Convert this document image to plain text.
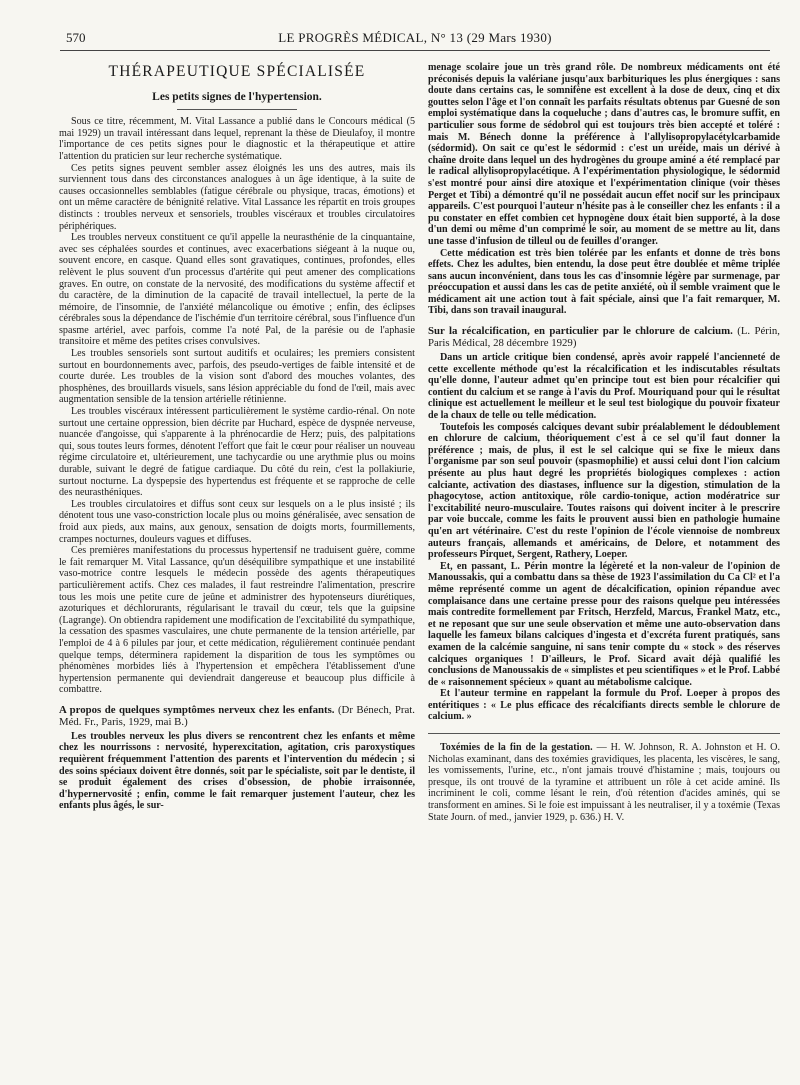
570	LE PROGRÈS MÉDICAL, N° 13 (29 Mars 1930)
THÉRAPEUTIQUE SPÉCIALISÉE
Les petits signes de l'hypertension.

Sous ce titre, récemment, M. Vital Lassance a publié dans le Concours médical (5 mai 1929) un travail intéressant dans lequel, reprenant la thèse de Dieulafoy, il montre l'importance de ces petits signes pour le diagnostic et la thérapeutique et attire l'attention du praticien sur leur recherche systématique.

Ces petits signes peuvent sembler assez éloignés les uns des autres, mais ils surviennent tous dans des circonstances analogues à un âge identique, à la suite de causes occasionnelles semblables (fatigue cérébrale ou physique, tracas, émotions) et ont un même caractère de bénignité relative. Vital Lassance les répartit en trois groupes distincts : troubles nerveux et sensoriels, troubles viscéraux et troubles circulatoires périphériques.

Les troubles nerveux constituent ce qu'il appelle la neurasthénie de la cinquantaine, avec ses céphalées sourdes et continues, avec exacerbations siégeant à la nuque ou, souvent encore, en casque. Quand elles sont gravatiques, continues, profondes, elles relèvent le plus souvent d'un processus d'artérite qui peut amener des complications graves. En outre, on constate de la nervosité, des modifications du système affectif et du caractère, de la diminution de la capacité de travail intellectuel, la perte de la mémoire, de l'insomnie, de l'anxiété mélancolique ou émotive ; enfin, des éclipses cérébrales sous la dépendance de l'ischémie d'un territoire cérébral, sous l'influence d'un spasme artériel, avec parfois, comme l'a noté Pal, de la parésie ou de l'aphasie transitoire et même des petites crises convulsives.

Les troubles sensoriels sont surtout auditifs et oculaires; les premiers consistent surtout en bourdonnements avec, parfois, des pseudo-vertiges de faible intensité et de courte durée. Les troubles de la vision sont d'abord des mouches volantes, des phosphènes, des brouillards visuels, sans lésion appréciable du fond de l'œil, mais avec augmentation sensible de la tension artérielle rétinienne.

Les troubles viscéraux intéressent particulièrement le système cardio-rénal. On note surtout une certaine oppression, bien décrite par Huchard, espèce de dyspnée nerveuse, nuancée d'angoisse, qui s'apparente à la phrénocardie de Herz; puis, des palpitations qui, sous toutes leurs formes, dénotent l'effort que fait le cœur pour réaliser un nouveau régime circulatoire et, ultérieurement, une tachycardie ou une arythmie plus ou moins durable, suivant le degré de fatigue cardiaque. Du côté du rein, c'est la pollakiurie, surtout nocturne. La dyspepsie des hypertendus est fréquente et se rapproche de celle des neurasthéniques.

Les troubles circulatoires et diffus sont ceux sur lesquels on a le plus insisté ; ils dénotent tous une vaso-constriction locale plus ou moins généralisée, avec sensation de froid aux pieds, aux mains, aux genoux, sensation de doigts morts, fourmillements, crampes nocturnes, douleurs vagues et diffuses.

Ces premières manifestations du processus hypertensif ne traduisent guère, comme le fait remarquer M. Vital Lassance, qu'un déséquilibre sympathique et une instabilité vaso-motrice contre lesquels le médecin possède des agents thérapeutiques particulièrement actifs. Chez ces malades, il faut restreindre l'alimentation, prescrire tous les mois une petite cure de jeûne et administrer des hypotenseurs diurétiques, azoturiques et déchlorurants, régularisant le travail du cœur, tels que la guipsine (Lagrange). On obtiendra rapidement une modification de l'excitabilité du sympathique, la cessation des spasmes vasculaires, une chute permanente de la tension artérielle, par l'emploi de 4 à 6 pilules par jour, et cette médication, régulièrement continuée pendant quelque temps, déterminera rapidement la disparition de tous les symptômes ou phénomènes morbides liés à l'hypertension et empêchera l'établissement d'une hypertension permanente qui deviendrait dangereuse et beaucoup plus difficile à combattre.

A propos de quelques symptômes nerveux chez les enfants. (Dr Bénech, Prat. Méd. Fr., Paris, 1929, mai B.)

Les troubles nerveux les plus divers se rencontrent chez les enfants et même chez les nourrissons : nervosité, hyperexcitation, agitation, cris paroxystiques requièrent fréquemment l'attention des parents et l'intervention du médecin ; si des soins spéciaux doivent être donnés, soit par le spécialiste, soit par le dentiste, il se produit également des crises d'obsession, de phobie irraisonnée, d'hypernervosité ; enfin, comme le fait remarquer justement l'auteur, chez les enfants plus âgés, le sur-

menage scolaire joue un très grand rôle. De nombreux médicaments ont été préconisés depuis la valériane jusqu'aux barbituriques les plus énergiques : sans doute dans certains cas, le somnifène est excellent à la dose de deux, cinq et dix gouttes selon l'âge et l'on connaît les parfaits résultats obtenus par Guesné de son emploi systématique dans la coqueluche ; dans d'autres cas, le bromure suffit, en particulier sous forme de sédobrol qui est toujours très bien accepté et toléré : mais M. Bénech donne la préférence à l'allylisopropylacétylcarbamide (sédormid). On sait ce qu'est le sédormid : c'est un uréide, mais un dérivé à chaîne droite dans lequel un des hydrogènes du groupe aminé a été remplacé par le radical allylisopropylacétique. A l'expérimentation physiologique, le sédormid s'est montré pour ainsi dire atoxique et l'expérimentation clinique (voir thèses Perget et Tibi) a démontré qu'il ne possédait aucun effet nocif sur les principaux appareils. C'est pourquoi l'auteur n'hésite pas à le conseiller chez les enfants : il a pu constater en effet combien cet hypnogène doux était bien supporté, à la dose d'un demi ou même d'un comprimé le soir, au moment de se mettre au lit, dans une tasse d'infusion de tilleul ou de feuilles d'oranger.

Cette médication est très bien tolérée par les enfants et donne de très bons effets. Chez les adultes, bien entendu, la dose peut être doublée et même triplée sans aucun inconvénient, dans tous les cas d'insomnie légère par surmenage, par préoccupation et aussi dans les cas de petite anxiété, où il semble vraiment que le médicament ait une action tout à fait spéciale, ainsi que l'a fait remarquer, M. Tibi, dans son travail inaugural.

Sur la récalcification, en particulier par le chlorure de calcium. (L. Périn, Paris Médical, 28 décembre 1929)

Dans un article critique bien condensé, après avoir rappelé l'ancienneté de cette excellente méthode qu'est la récalcification et les indiscutables résultats qu'elle donne, l'auteur admet qu'en principe tout est bien pour récalcifier qui contient du calcium et se range à l'avis du Prof. Mouriquand pour qui le résultat clinique est actuellement le meilleur et le seul test biologique du pouvoir fixateur de la chaux de telle ou telle médication.

Toutefois les composés calciques devant subir préalablement le dédoublement en chlorure de calcium, théoriquement c'est à ce sel qu'il faut donner la préférence ; mais, de plus, il est le sel calcique qui se fixe le mieux dans l'organisme par son seul pouvoir (spasmophilie) et aussi celui dont l'ion calcium présente au plus haut degré les propriétés biologiques complexes : action calciante, activation des diastases, influence sur la digestion, stimulation de la phagocytose, action antitoxique, rôle cardio-tonique, action modératrice sur l'excitabilité neuro-musculaire. Toutes raisons qui doivent inciter à le prescrire par voie buccale, comme les faits le prouvent aussi bien en pathologie humaine qu'en art vétérinaire. C'est du reste l'opinion de l'école viennoise de nombreux auteurs français, allemands et américains, de Delore, et notamment des professeurs Pirquet, Sergent, Rathery, Loeper.

Et, en passant, L. Périn montre la légèreté et la non-valeur de l'opinion de Manoussakis, qui a combattu dans sa thèse de 1923 l'assimilation du Ca Cl² et l'a même représenté comme un agent de décalcification, opinion répandue avec complaisance dans une certaine presse pour des raisons quelque peu intéressées mais contredite formellement par Fritsch, Herzfeld, Marcus, Frankel Matz, etc., et ne reposant que sur une seule observation et même une auto-observation dans laquelle les fameux bilans calciques d'ingesta et d'excréta furent pratiqués, sans examen de la calcémie sanguine, ni sans tenir compte du « stock » des réserves calciques organiques ! D'ailleurs, le Prof. Sicard avait déjà qualifié les conclusions de Manoussakis de « simplistes et peu scientifiques » et le Prof. Labbé de « raisonnement spécieux » quant au métabolisme calcique.

Et l'auteur termine en rappelant la formule du Prof. Loeper à propos des entéritiques : « Le plus efficace des récalcifiants directs semble le chlorure de calcium. »

Toxémies de la fin de la gestation. — H. W. Johnson, R. A. Johnston et H. O. Nicholas examinant, dans des toxémies gravidiques, les placenta, les viscères, le sang, les vomissements, l'urine, etc., n'ont jamais trouvé d'histamine ; mais, toujours ou presque, ils ont trouvé de la tyramine et attribuent un rôle à cet acide aminé. Ils incriminent le coli, comme lésant le rein, d'où rétention d'acides aminés, qui se transforment en amines. Si le foie est impuissant à les neutraliser, il y a toxémie (Texas State Journ. of med., janvier 1929, p. 636.) H. V.
